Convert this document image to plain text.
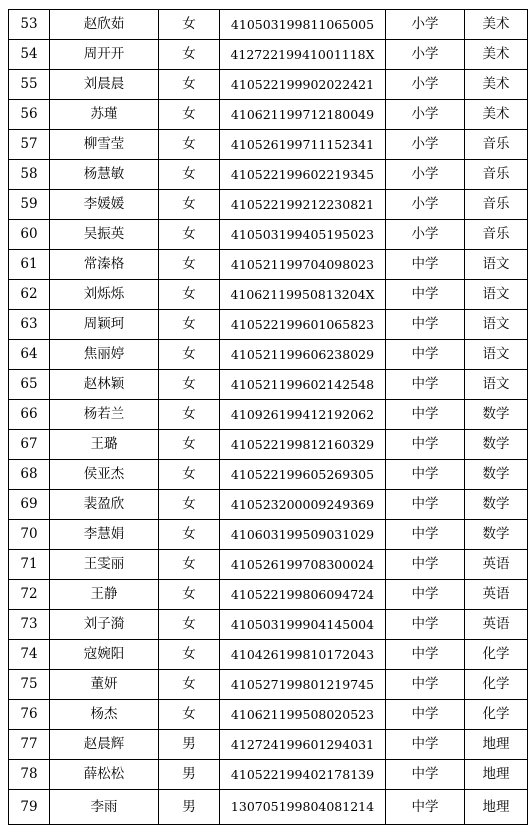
53	赵欣茹	女	410503199811065005	小学	美术
54	周开开	女	41272219941001118X	小学	美术
55	刘晨晨	女	410522199902022421	小学	美术
56	苏瑾	女	410621199712180049	小学	美术
57	柳雪莹	女	410526199711152341	小学	音乐
58	杨慧敏	女	410522199602219345	小学	音乐
59	李媛媛	女	410522199212230821	小学	音乐
60	吴振英	女	410503199405195023	小学	音乐
61	常溱格	女	410521199704098023	中学	语文
62	刘烁烁	女	41062119950813204X	中学	语文
63	周颖珂	女	410522199601065823	中学	语文
64	焦丽婷	女	410521199606238029	中学	语文
65	赵林颖	女	410521199602142548	中学	语文
66	杨若兰	女	410926199412192062	中学	数学
67	王璐	女	410522199812160329	中学	数学
68	侯亚杰	女	410522199605269305	中学	数学
69	裴盈欣	女	410523200009249369	中学	数学
70	李慧娟	女	410603199509031029	中学	数学
71	王雯丽	女	410526199708300024	中学	英语
72	王静	女	410522199806094724	中学	英语
73	刘子漪	女	410503199904145004	中学	英语
74	寇婉阳	女	410426199810172043	中学	化学
75	董妍	女	410527199801219745	中学	化学
76	杨杰	女	410621199508020523	中学	化学
77	赵晨辉	男	412724199601294031	中学	地理
78	薛松松	男	410522199402178139	中学	地理
79	李雨	男	130705199804081214	中学	地理
